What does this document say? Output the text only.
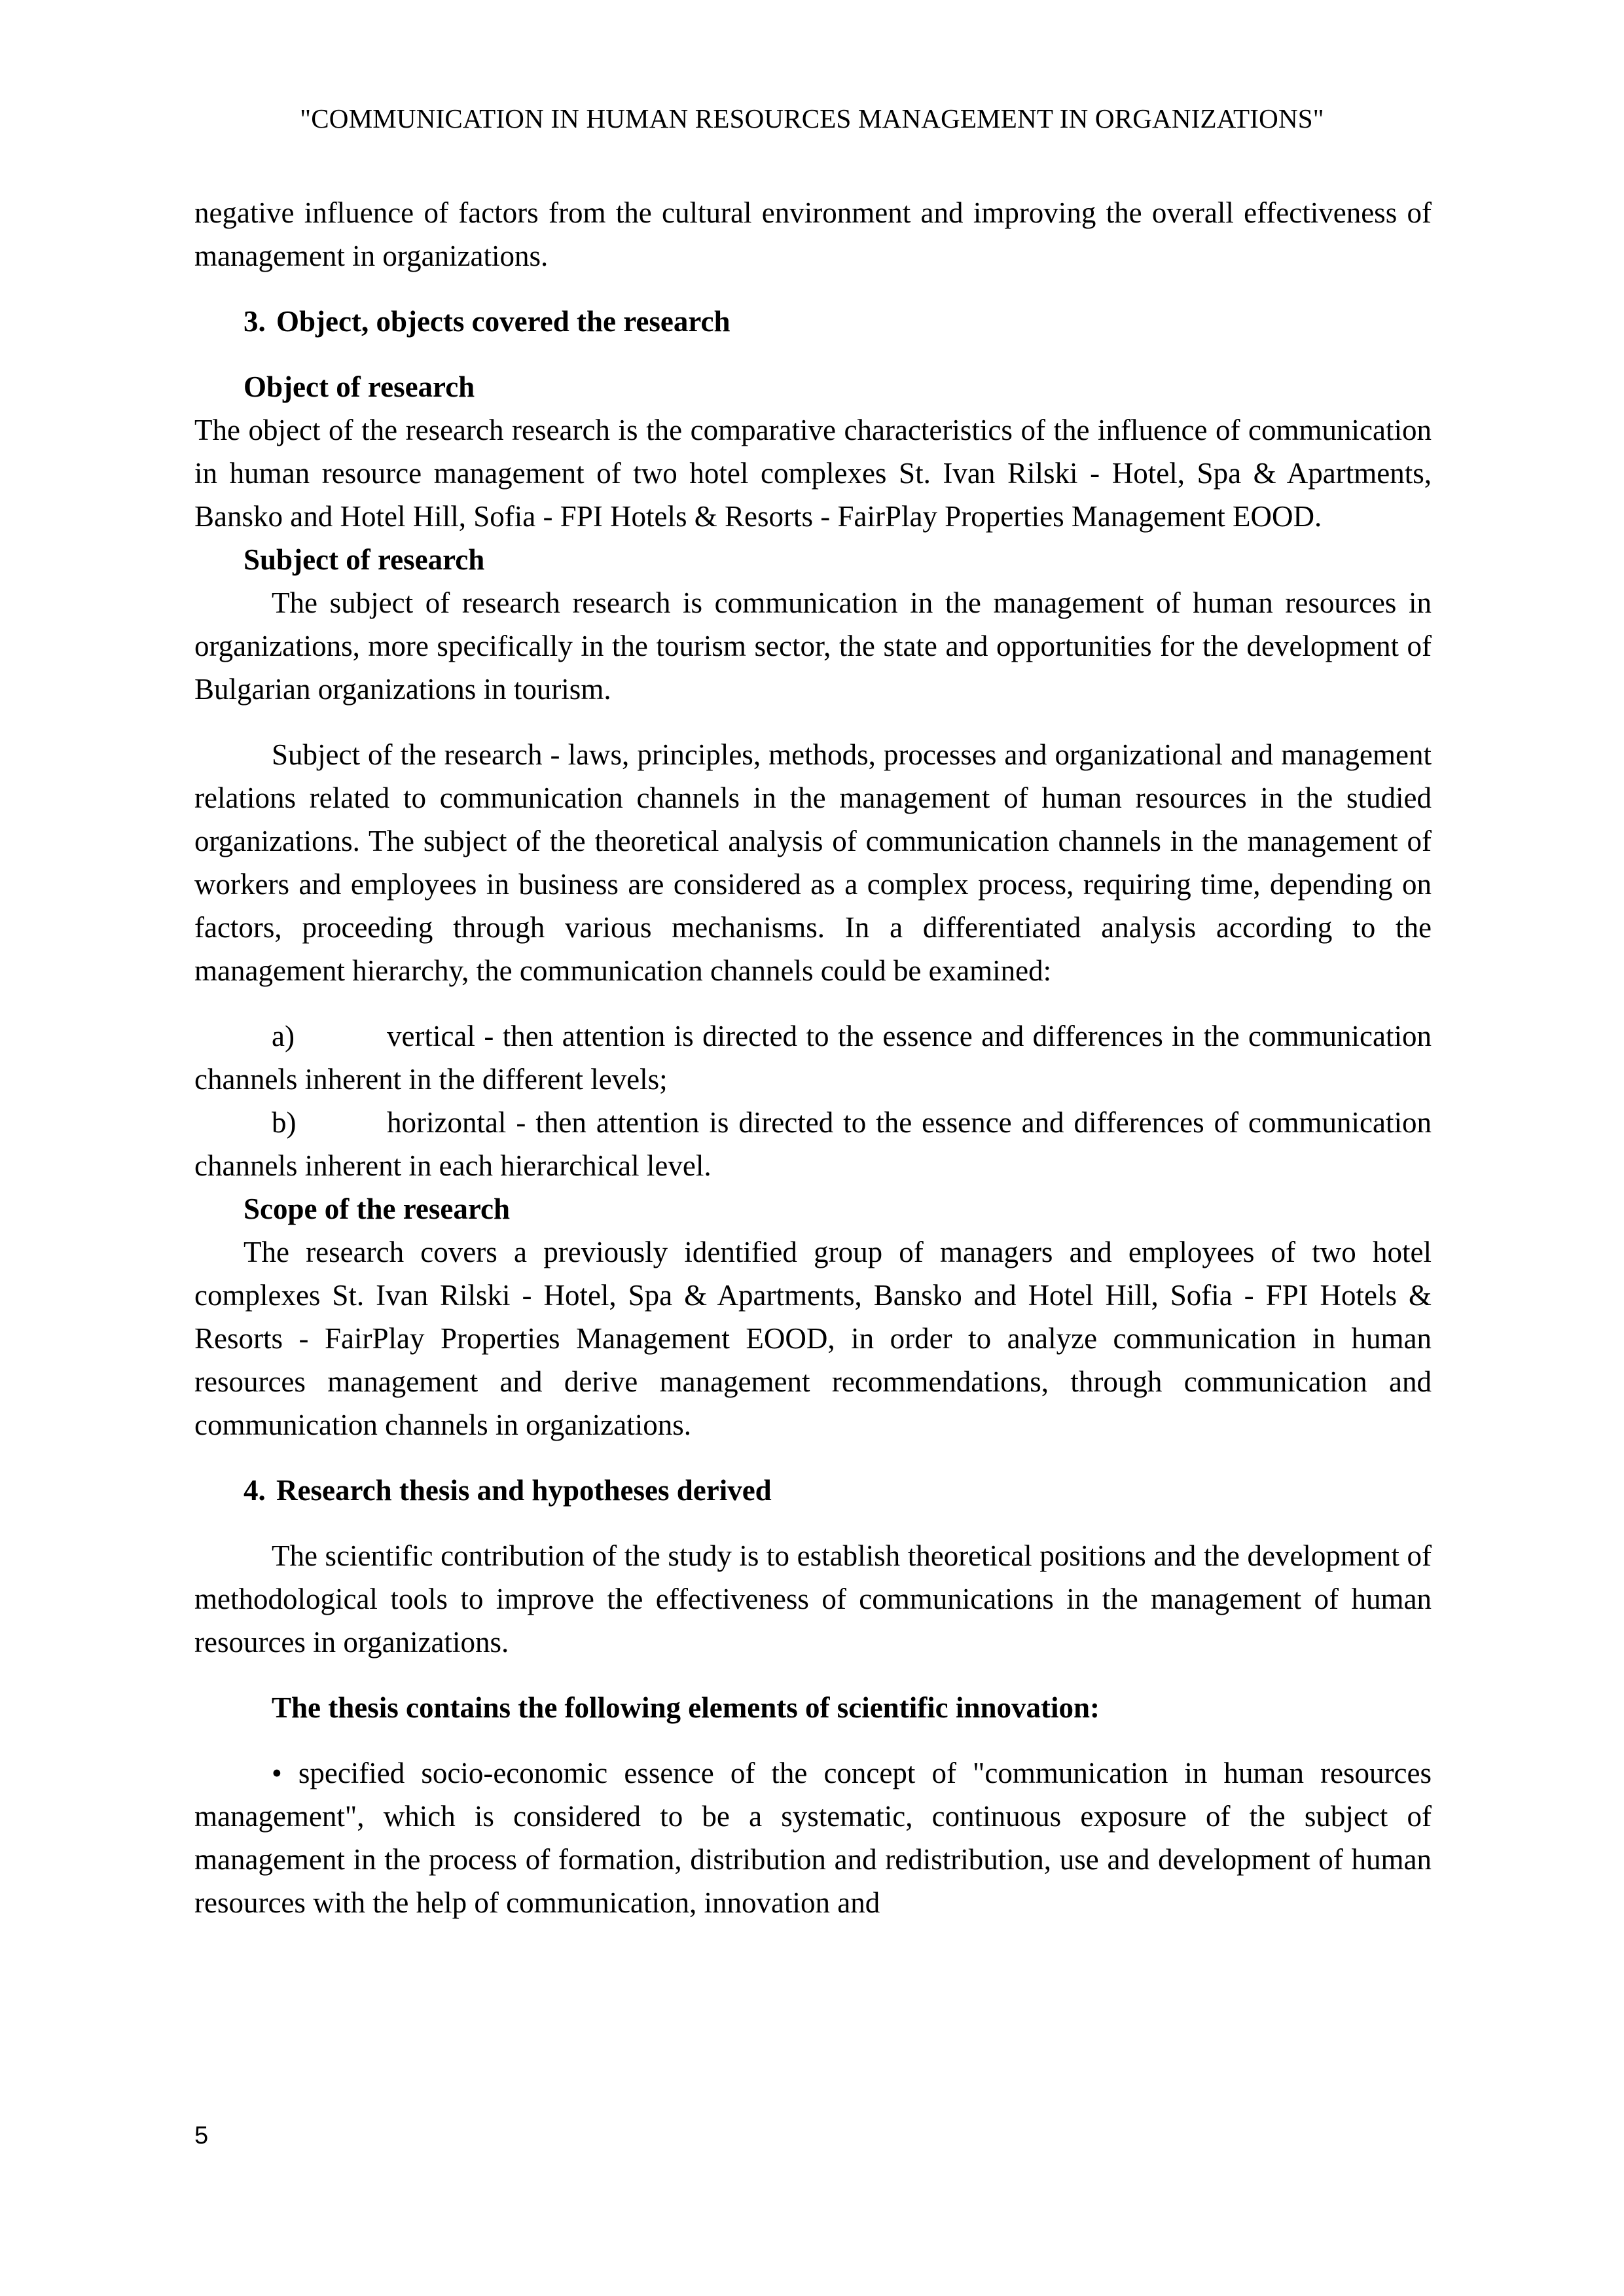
"COMMUNICATION IN HUMAN RESOURCES MANAGEMENT IN ORGANIZATIONS"

negative influence of factors from the cultural environment and improving the overall effectiveness of management in organizations.

3. Object, objects covered the research
Object of research

The object of the research research is the comparative characteristics of the influence of communication in human resource management of two hotel complexes St. Ivan Rilski - Hotel, Spa & Apartments, Bansko and Hotel Hill, Sofia - FPI Hotels & Resorts - FairPlay Properties Management EOOD.

Subject of research

The subject of research research is communication in the management of human resources in organizations, more specifically in the tourism sector, the state and opportunities for the development of Bulgarian organizations in tourism.

Subject of the research - laws, principles, methods, processes and organizational and management relations related to communication channels in the management of human resources in the studied organizations. The subject of the theoretical analysis of communication channels in the management of workers and employees in business are considered as a complex process, requiring time, depending on factors, proceeding through various mechanisms. In a differentiated analysis according to the management hierarchy, the communication channels could be examined:

a)	vertical - then attention is directed to the essence and differences in the communication channels inherent in the different levels;

b)	horizontal - then attention is directed to the essence and differences of communication channels inherent in each hierarchical level.

Scope of the research

The research covers a previously identified group of managers and employees of two hotel complexes St. Ivan Rilski - Hotel, Spa & Apartments, Bansko and Hotel Hill, Sofia - FPI Hotels & Resorts - FairPlay Properties Management EOOD, in order to analyze communication in human resources management and derive management recommendations, through communication and communication channels in organizations.

4. Research thesis and hypotheses derived

The scientific contribution of the study is to establish theoretical positions and the development of methodological tools to improve the effectiveness of communications in the management of human resources in organizations.

The thesis contains the following elements of scientific innovation:

• specified socio-economic essence of the concept of "communication in human resources management", which is considered to be a systematic, continuous exposure of the subject of management in the process of formation, distribution and redistribution, use and development of human resources with the help of communication, innovation and

5
